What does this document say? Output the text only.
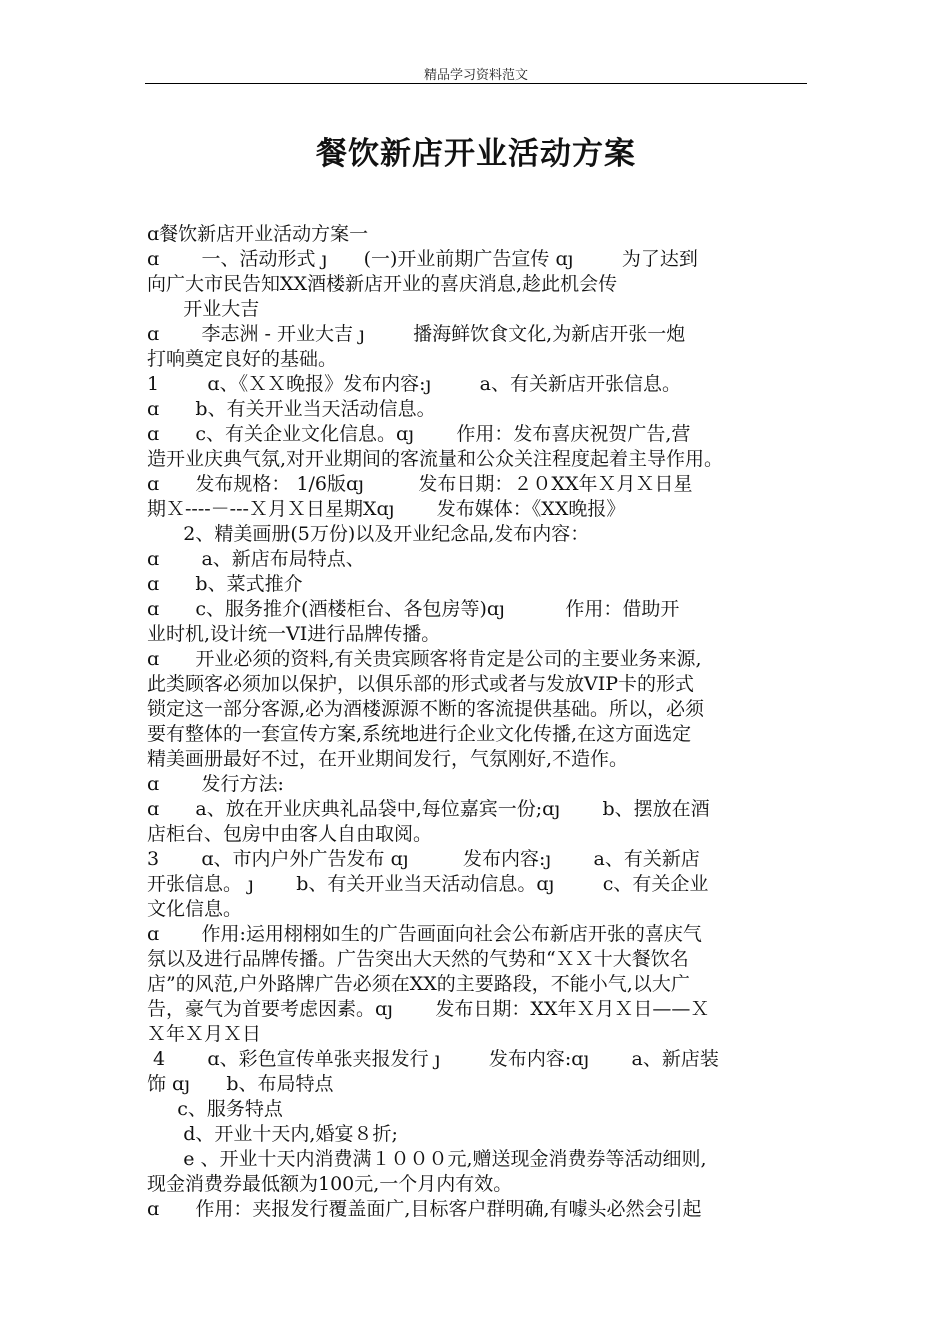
精品学习资料范文
餐饮新店开业活动方案
ɑ餐饮新店开业活动方案一
ɑ       一、活动形式 ȷ      (一)开业前期广告宣传 ɑȷ        为了达到
向广大市民告知XX酒楼新店开业的喜庆消息,趁此机会传
开业大吉
ɑ       李志洲 - 开业大吉 ȷ        播海鲜饮食文化,为新店开张一炮
打响奠定良好的基础。
1        ɑ、《ＸＸ晚报》发布内容:ȷ        a、有关新店开张信息。
ɑ      b、有关开业当天活动信息。
ɑ      c、有关企业文化信息。ɑȷ       作用：发布喜庆祝贺广告,营
造开业庆典气氛,对开业期间的客流量和公众关注程度起着主导作用。
ɑ      发布规格： 1/6版ɑȷ         发布日期：２０XX年Ｘ月Ｘ日星
期Ｘ----－---Ｘ月Ｘ日星期Xɑȷ       发布媒体：《XX晚报》
2、精美画册(5万份)以及开业纪念品,发布内容：
ɑ       a、新店布局特点、
ɑ      b、菜式推介
ɑ      c、服务推介(酒楼柜台、各包房等)ɑȷ          作用：借助开
业时机,设计统一VI进行品牌传播。
ɑ      开业必须的资料,有关贵宾顾客将肯定是公司的主要业务来源,
此类顾客必须加以保护，以俱乐部的形式或者与发放VIP卡的形式
锁定这一部分客源,必为酒楼源源不断的客流提供基础。所以，必须
要有整体的一套宣传方案,系统地进行企业文化传播,在这方面选定
精美画册最好不过，在开业期间发行，气氛刚好,不造作。
ɑ       发行方法:
ɑ      a、放在开业庆典礼品袋中,每位嘉宾一份;ɑȷ       b、摆放在酒
店柜台、包房中由客人自由取阅。
3       ɑ、市内户外广告发布 ɑȷ         发布内容:ȷ       a、有关新店
开张信息。 ȷ       b、有关开业当天活动信息。ɑȷ        c、有关企业
文化信息。
ɑ       作用:运用栩栩如生的广告画面向社会公布新店开张的喜庆气
氛以及进行品牌传播。广告突出大天然的气势和“ＸＸ十大餐饮名
店”的风范,户外路牌广告必须在XX的主要路段，不能小气,以大广
告，豪气为首要考虑因素。ɑȷ       发布日期：XX年Ｘ月Ｘ日——Ｘ
Ｘ年Ｘ月Ｘ日
4       ɑ、彩色宣传单张夹报发行 ȷ        发布内容:ɑȷ       a、新店装
饰 ɑȷ      b、布局特点
c、服务特点
d、开业十天内,婚宴８折;
e 、开业十天内消费满１０００元,赠送现金消费券等活动细则,
现金消费券最低额为100元,一个月内有效。
ɑ      作用：夹报发行覆盖面广,目标客户群明确,有噱头必然会引起
